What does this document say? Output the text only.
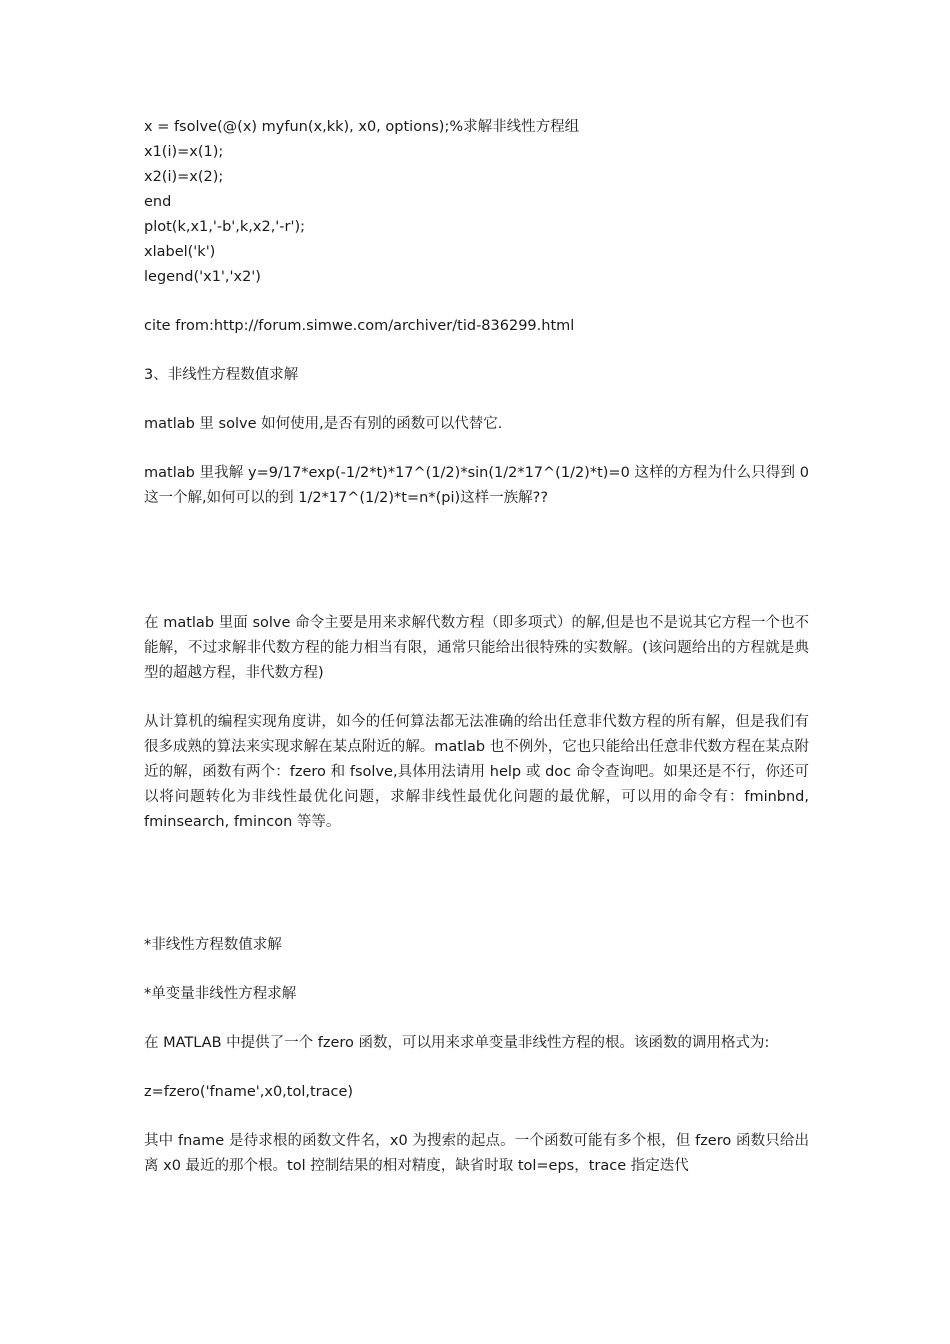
x = fsolve(@(x) myfun(x,kk), x0, options);%求解非线性方程组
x1(i)=x(1);
x2(i)=x(2);
end
plot(k,x1,'-b',k,x2,'-r');
xlabel('k')
legend('x1','x2')
cite from:http://forum.simwe.com/archiver/tid-836299.html
3、非线性方程数值求解
matlab 里 solve 如何使用,是否有别的函数可以代替它.
matlab 里我解 y=9/17*exp(-1/2*t)*17^(1/2)*sin(1/2*17^(1/2)*t)=0 这样的方程为什么只得到 0 这一个解,如何可以的到 1/2*17^(1/2)*t=n*(pi)这样一族解??
在 matlab 里面 solve 命令主要是用来求解代数方程（即多项式）的解,但是也不是说其它方程一个也不能解，不过求解非代数方程的能力相当有限，通常只能给出很特殊的实数解。(该问题给出的方程就是典型的超越方程，非代数方程)
从计算机的编程实现角度讲，如今的任何算法都无法准确的给出任意非代数方程的所有解，但是我们有很多成熟的算法来实现求解在某点附近的解。matlab 也不例外，它也只能给出任意非代数方程在某点附近的解，函数有两个：fzero 和 fsolve,具体用法请用 help 或 doc 命令查询吧。如果还是不行，你还可以将问题转化为非线性最优化问题，求解非线性最优化问题的最优解，可以用的命令有：fminbnd, fminsearch, fmincon 等等。
*非线性方程数值求解
*单变量非线性方程求解
在 MATLAB 中提供了一个 fzero 函数，可以用来求单变量非线性方程的根。该函数的调用格式为:
z=fzero('fname',x0,tol,trace)
其中 fname 是待求根的函数文件名，x0 为搜索的起点。一个函数可能有多个根，但 fzero 函数只给出离 x0 最近的那个根。tol 控制结果的相对精度，缺省时取 tol=eps，trace 指定迭代
